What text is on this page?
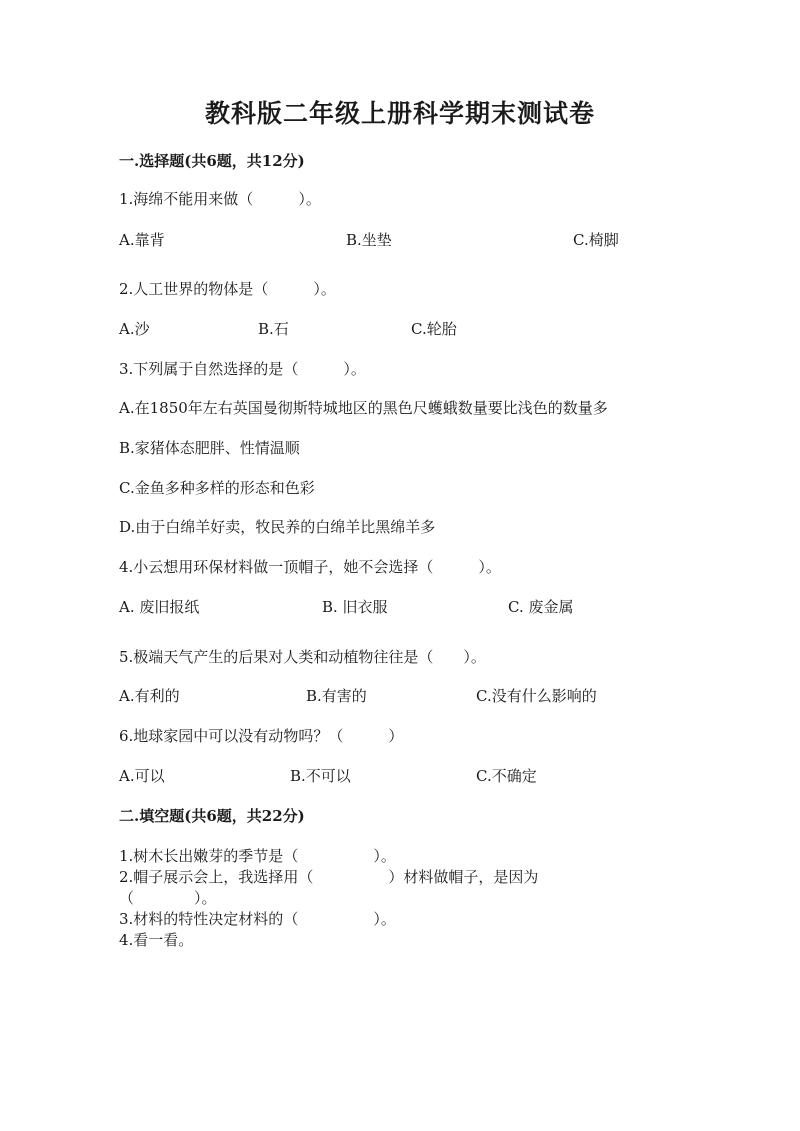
教科版二年级上册科学期末测试卷
一.选择题(共6题，共12分)
1.海绵不能用来做（　　　）。
A.靠背	B.坐垫	C.椅脚
2.人工世界的物体是（　　　）。
A.沙	B.石	C.轮胎
3.下列属于自然选择的是（　　　）。
A.在1850年左右英国曼彻斯特城地区的黑色尺蠖蛾数量要比浅色的数量多
B.家猪体态肥胖、性情温顺
C.金鱼多种多样的形态和色彩
D.由于白绵羊好卖，牧民养的白绵羊比黑绵羊多
4.小云想用环保材料做一顶帽子，她不会选择（　　　）。
A. 废旧报纸	B. 旧衣服	C. 废金属
5.极端天气产生的后果对人类和动植物往往是（　　）。
A.有利的	B.有害的	C.没有什么影响的
6.地球家园中可以没有动物吗？（　　　）
A.可以	B.不可以	C.不确定
二.填空题(共6题，共22分)
1.树木长出嫩芽的季节是（　　　　　）。
2.帽子展示会上，我选择用（　　　　　）材料做帽子，是因为
（　　　　）。
3.材料的特性决定材料的（　　　　　）。
4.看一看。
